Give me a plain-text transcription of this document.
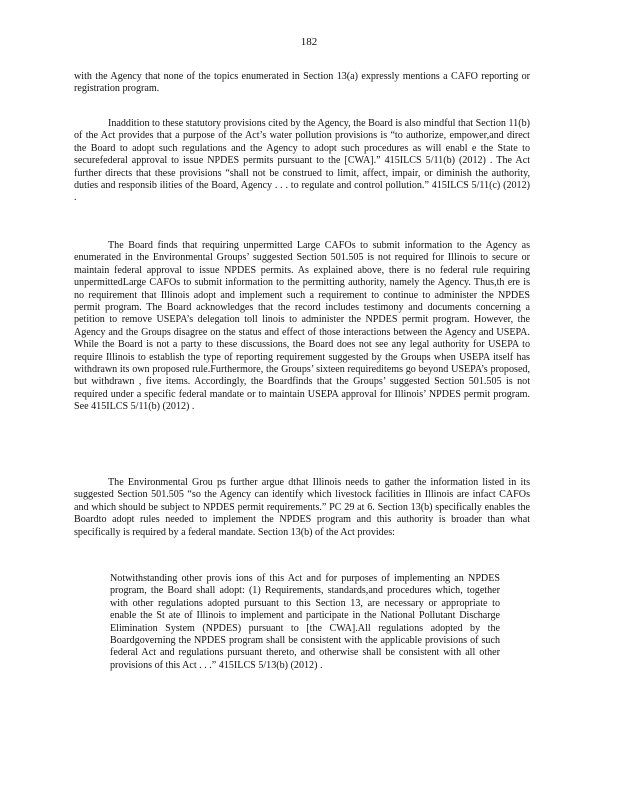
182

with the Agency that none of the topics enumerated in Section 13(a) expressly mentions a CAFO reporting or registration program.

Inaddition to these statutory provisions cited by the Agency, the Board is also mindful that Section 11(b) of the Act provides that a purpose of the Act’s water pollution provisions is “to authorize, empower,and direct the Board to adopt such regulations and the Agency to adopt such procedures as will enabl e the State to securefederal approval to issue NPDES permits pursuant to the [CWA].” 415ILCS 5/11(b) (2012) . The Act further directs that these provisions “shall not be construed to limit, affect, impair, or diminish the authority, duties and responsib ilities of the Board, Agency . . . to regulate and control pollution.” 415ILCS 5/11(c) (2012) .

The Board finds that requiring unpermitted Large CAFOs to submit information to the Agency as enumerated in the Environmental Groups’ suggested Section 501.505 is not required for Illinois to secure or maintain federal approval to issue NPDES permits. As explained above, there is no federal rule requiring unpermittedLarge CAFOs to submit information to the permitting authority, namely the Agency. Thus,th ere is no requirement that Illinois adopt and implement such a requirement to continue to administer the NPDES permit program. The Board acknowledges that the record includes testimony and documents concerning a petition to remove USEPA’s delegation toll linois to administer the NPDES permit program. However, the Agency and the Groups disagree on the status and effect of those interactions between the Agency and USEPA. While the Board is not a party to these discussions, the Board does not see any legal authority for USEPA to require Illinois to establish the type of reporting requirement suggested by the Groups when USEPA itself has withdrawn its own proposed rule.Furthermore, the Groups’ sixteen requireditems go beyond USEPA’s proposed, but withdrawn , five items. Accordingly, the Boardfinds that the Groups’ suggested Section 501.505 is not required under a specific federal mandate or to maintain USEPA approval for Illinois’ NPDES permit program. See 415ILCS 5/11(b) (2012) .

The Environmental Grou ps further argue dthat Illinois needs to gather the information listed in its suggested Section 501.505 “so the Agency can identify which livestock facilities in Illinois are infact CAFOs and which should be subject to NPDES permit requirements.” PC 29 at 6. Section 13(b) specifically enables the Boardto adopt rules needed to implement the NPDES program and this authority is broader than what specifically is required by a federal mandate. Section 13(b) of the Act provides:

Notwithstanding other provis ions of this Act and for purposes of implementing an NPDES program, the Board shall adopt: (1) Requirements, standards,and procedures which, together with other regulations adopted pursuant to this Section 13, are necessary or appropriate to enable the St ate of Illinois to implement and participate in the National Pollutant Discharge Elimination System (NPDES) pursuant to [the CWA].All regulations adopted by the Boardgoverning the NPDES program shall be consistent with the applicable provisions of such federal Act and regulations pursuant thereto, and otherwise shall be consistent with all other provisions of this Act . . .” 415ILCS 5/13(b) (2012) .
